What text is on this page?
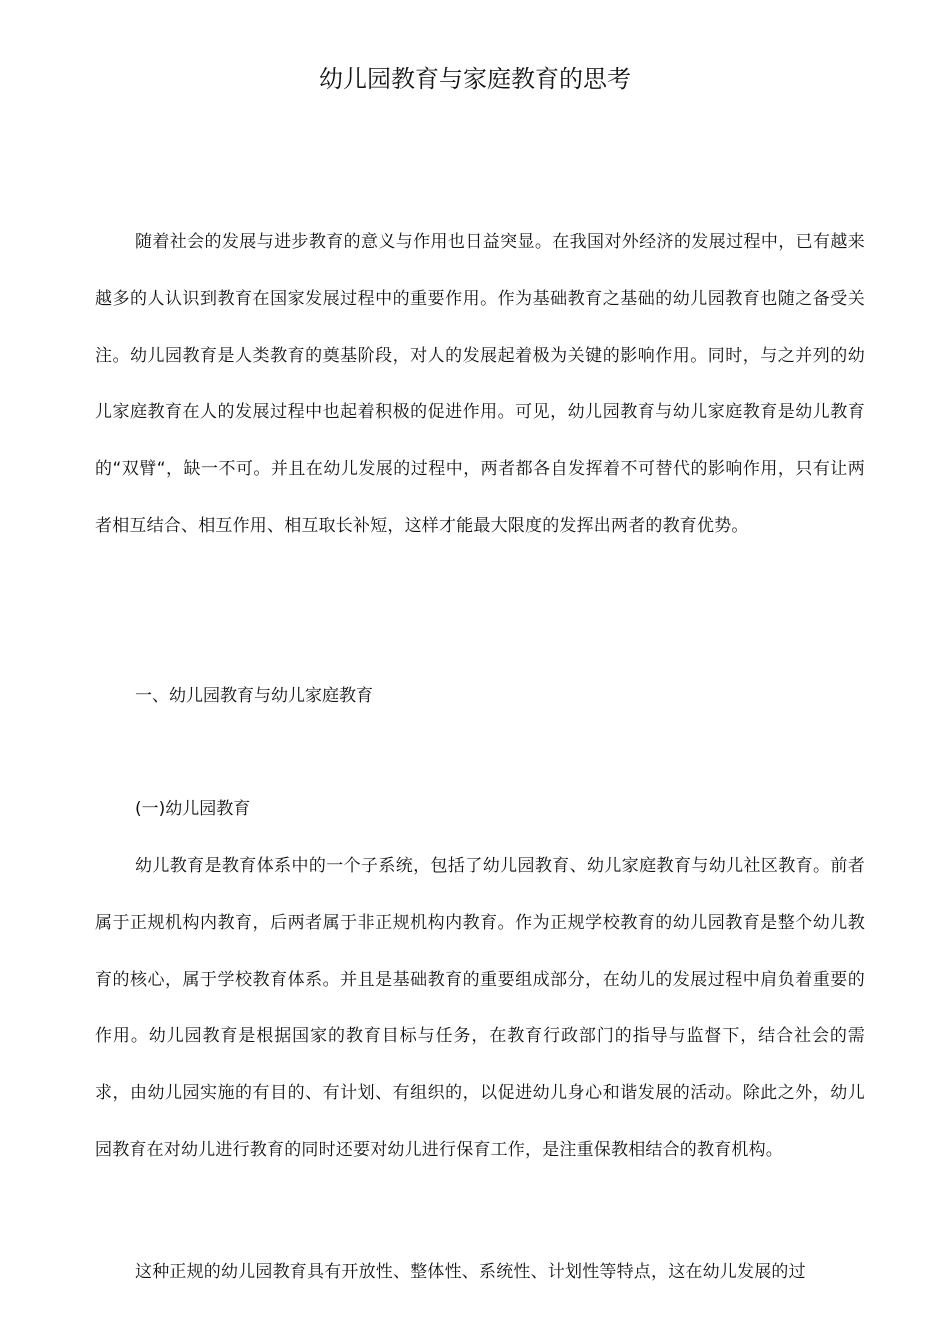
幼儿园教育与家庭教育的思考

随着社会的发展与进步教育的意义与作用也日益突显。在我国对外经济的发展过程中，已有越来越多的人认识到教育在国家发展过程中的重要作用。作为基础教育之基础的幼儿园教育也随之备受关注。幼儿园教育是人类教育的奠基阶段，对人的发展起着极为关键的影响作用。同时，与之并列的幼儿家庭教育在人的发展过程中也起着积极的促进作用。可见，幼儿园教育与幼儿家庭教育是幼儿教育的“双臂“，缺一不可。并且在幼儿发展的过程中，两者都各自发挥着不可替代的影响作用，只有让两者相互结合、相互作用、相互取长补短，这样才能最大限度的发挥出两者的教育优势。

一、幼儿园教育与幼儿家庭教育
(一)幼儿园教育

幼儿教育是教育体系中的一个子系统，包括了幼儿园教育、幼儿家庭教育与幼儿社区教育。前者属于正规机构内教育，后两者属于非正规机构内教育。作为正规学校教育的幼儿园教育是整个幼儿教育的核心，属于学校教育体系。并且是基础教育的重要组成部分，在幼儿的发展过程中肩负着重要的作用。幼儿园教育是根据国家的教育目标与任务，在教育行政部门的指导与监督下，结合社会的需求，由幼儿园实施的有目的、有计划、有组织的，以促进幼儿身心和谐发展的活动。除此之外，幼儿园教育在对幼儿进行教育的同时还要对幼儿进行保育工作，是注重保教相结合的教育机构。

这种正规的幼儿园教育具有开放性、整体性、系统性、计划性等特点，这在幼儿发展的过
